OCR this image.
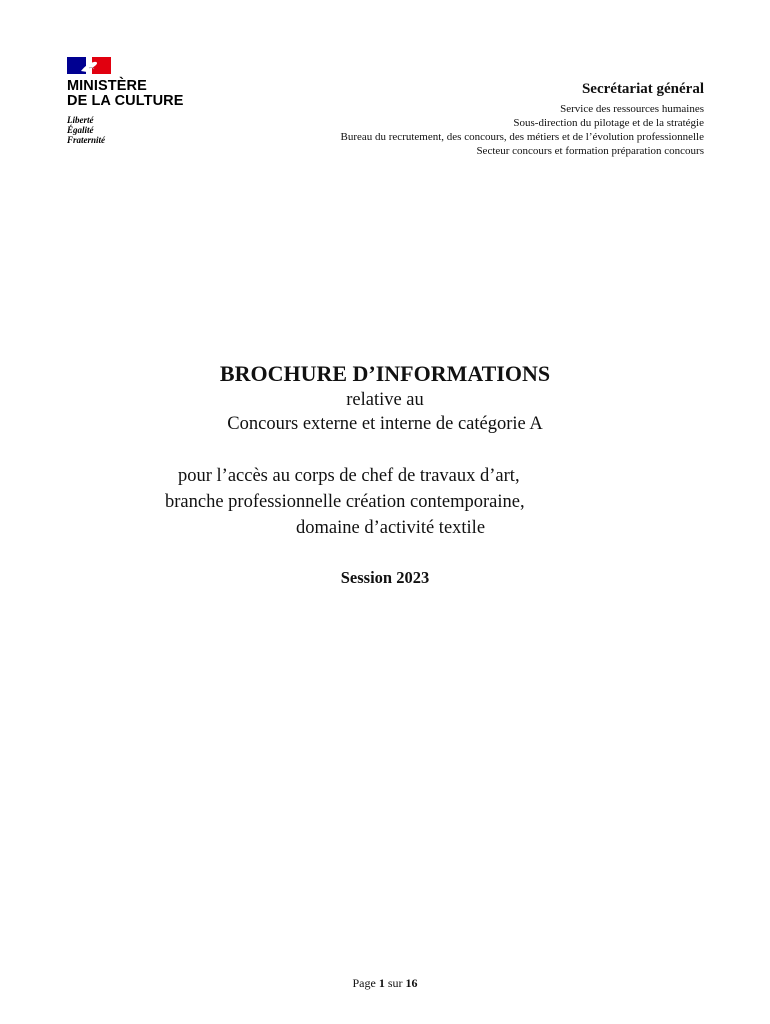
MINISTÈRE
DE LA CULTURE
Liberté
Égalité
Fraternité
Secrétariat général
Service des ressources humaines
Sous-direction du pilotage et de la stratégie
Bureau du recrutement, des concours, des métiers et de l’évolution professionnelle
Secteur concours et formation préparation concours
BROCHURE D’INFORMATIONS
relative au
Concours externe et interne de catégorie A
pour l’accès au corps de chef de travaux d’art,
branche professionnelle création contemporaine,
domaine d’activité textile
Session 2023
Page 1 sur 16
